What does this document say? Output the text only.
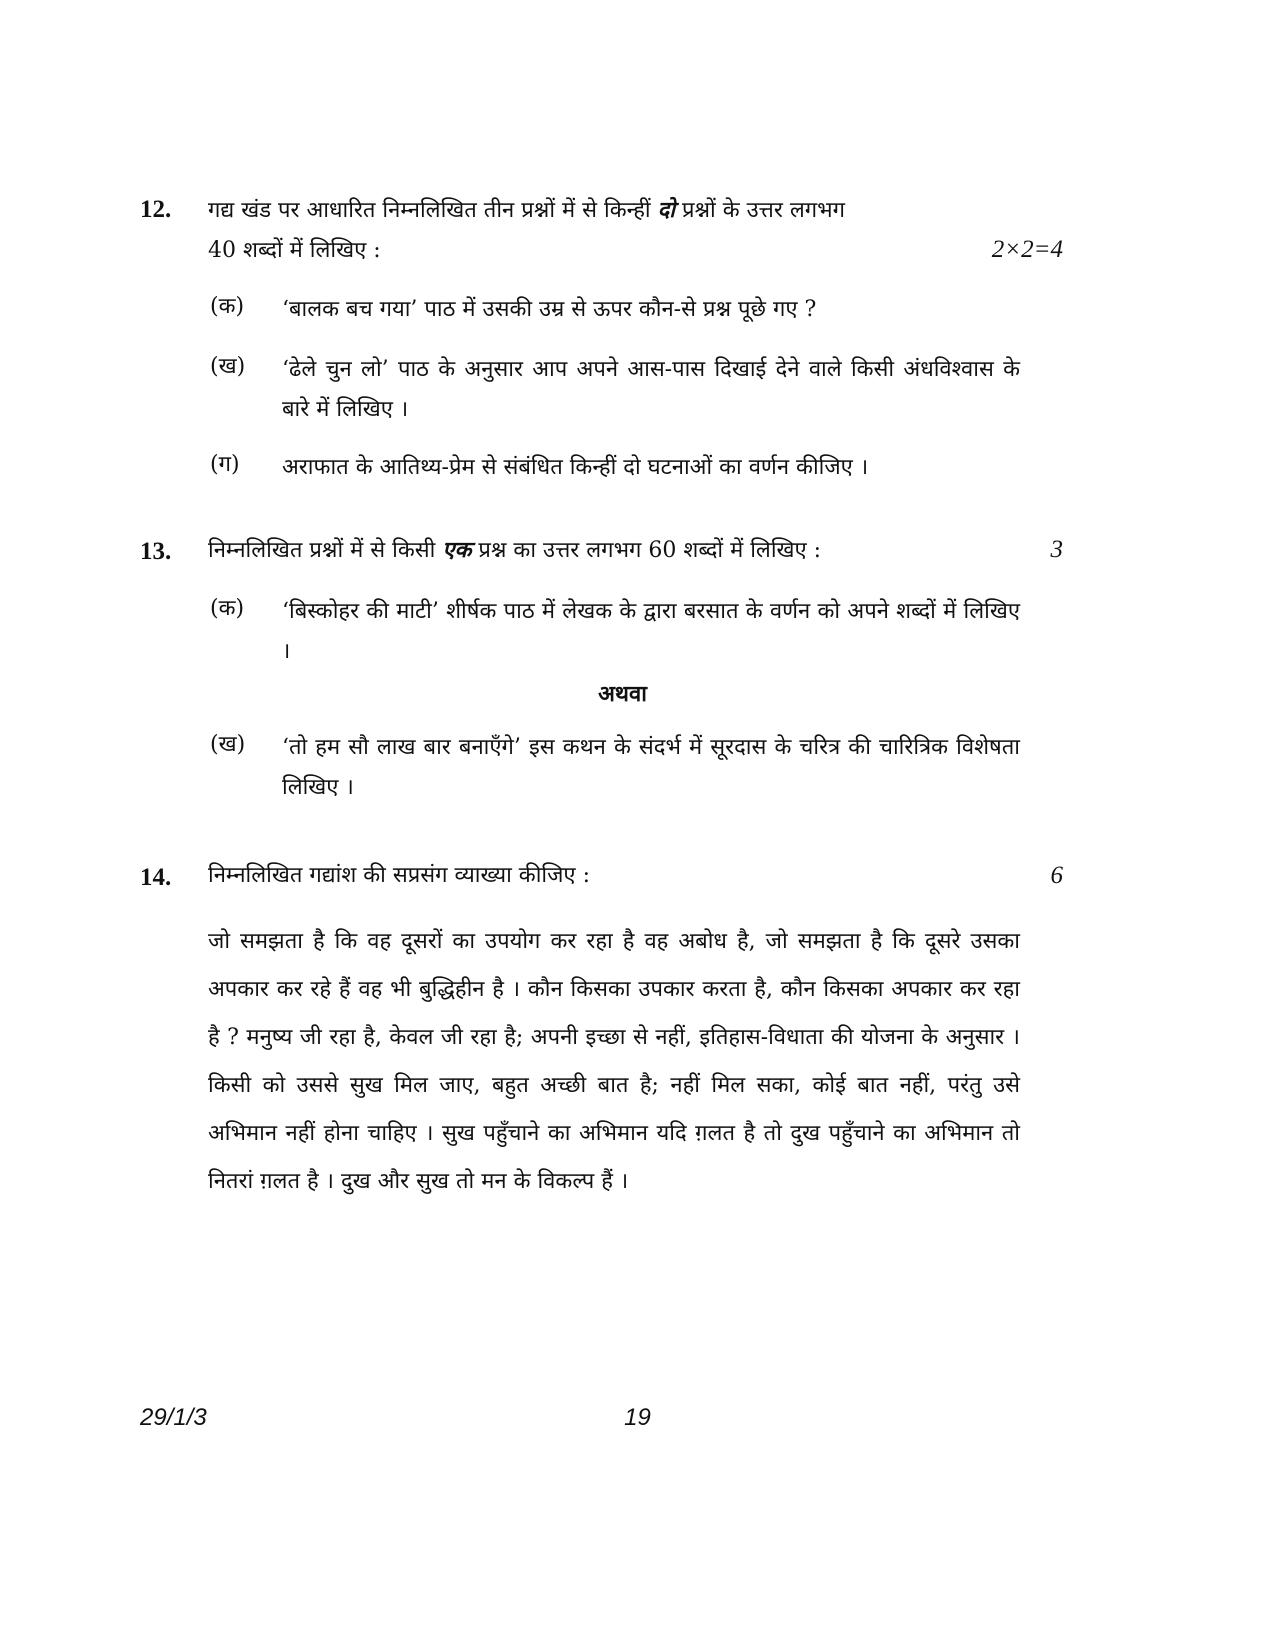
12. गद्य खंड पर आधारित निम्नलिखित तीन प्रश्नों में से किन्हीं दो प्रश्नों के उत्तर लगभग
40 शब्दों में लिखिए :	2×2=4
(क) ‘बालक बच गया’ पाठ में उसकी उम्र से ऊपर कौन-से प्रश्न पूछे गए ?
(ख) ‘ढेले चुन लो’ पाठ के अनुसार आप अपने आस-पास दिखाई देने वाले किसी अंधविश्वास के बारे में लिखिए ।
(ग) अराफात के आतिथ्य-प्रेम से संबंधित किन्हीं दो घटनाओं का वर्णन कीजिए ।
13. निम्नलिखित प्रश्नों में से किसी एक प्रश्न का उत्तर लगभग 60 शब्दों में लिखिए :	3
(क) ‘बिस्कोहर की माटी’ शीर्षक पाठ में लेखक के द्वारा बरसात के वर्णन को अपने शब्दों में लिखिए ।
अथवा
(ख) ‘तो हम सौ लाख बार बनाएँगे’ इस कथन के संदर्भ में सूरदास के चरित्र की चारित्रिक विशेषता लिखिए ।
14. निम्नलिखित गद्यांश की सप्रसंग व्याख्या कीजिए :	6
जो समझता है कि वह दूसरों का उपयोग कर रहा है वह अबोध है, जो समझता है कि दूसरे उसका अपकार कर रहे हैं वह भी बुद्धिहीन है । कौन किसका उपकार करता है, कौन किसका अपकार कर रहा है ? मनुष्य जी रहा है, केवल जी रहा है; अपनी इच्छा से नहीं, इतिहास-विधाता की योजना के अनुसार । किसी को उससे सुख मिल जाए, बहुत अच्छी बात है; नहीं मिल सका, कोई बात नहीं, परंतु उसे अभिमान नहीं होना चाहिए । सुख पहुँचाने का अभिमान यदि ग़लत है तो दुख पहुँचाने का अभिमान तो नितरां ग़लत है । दुख और सुख तो मन के विकल्प हैं ।
29/1/3	19
